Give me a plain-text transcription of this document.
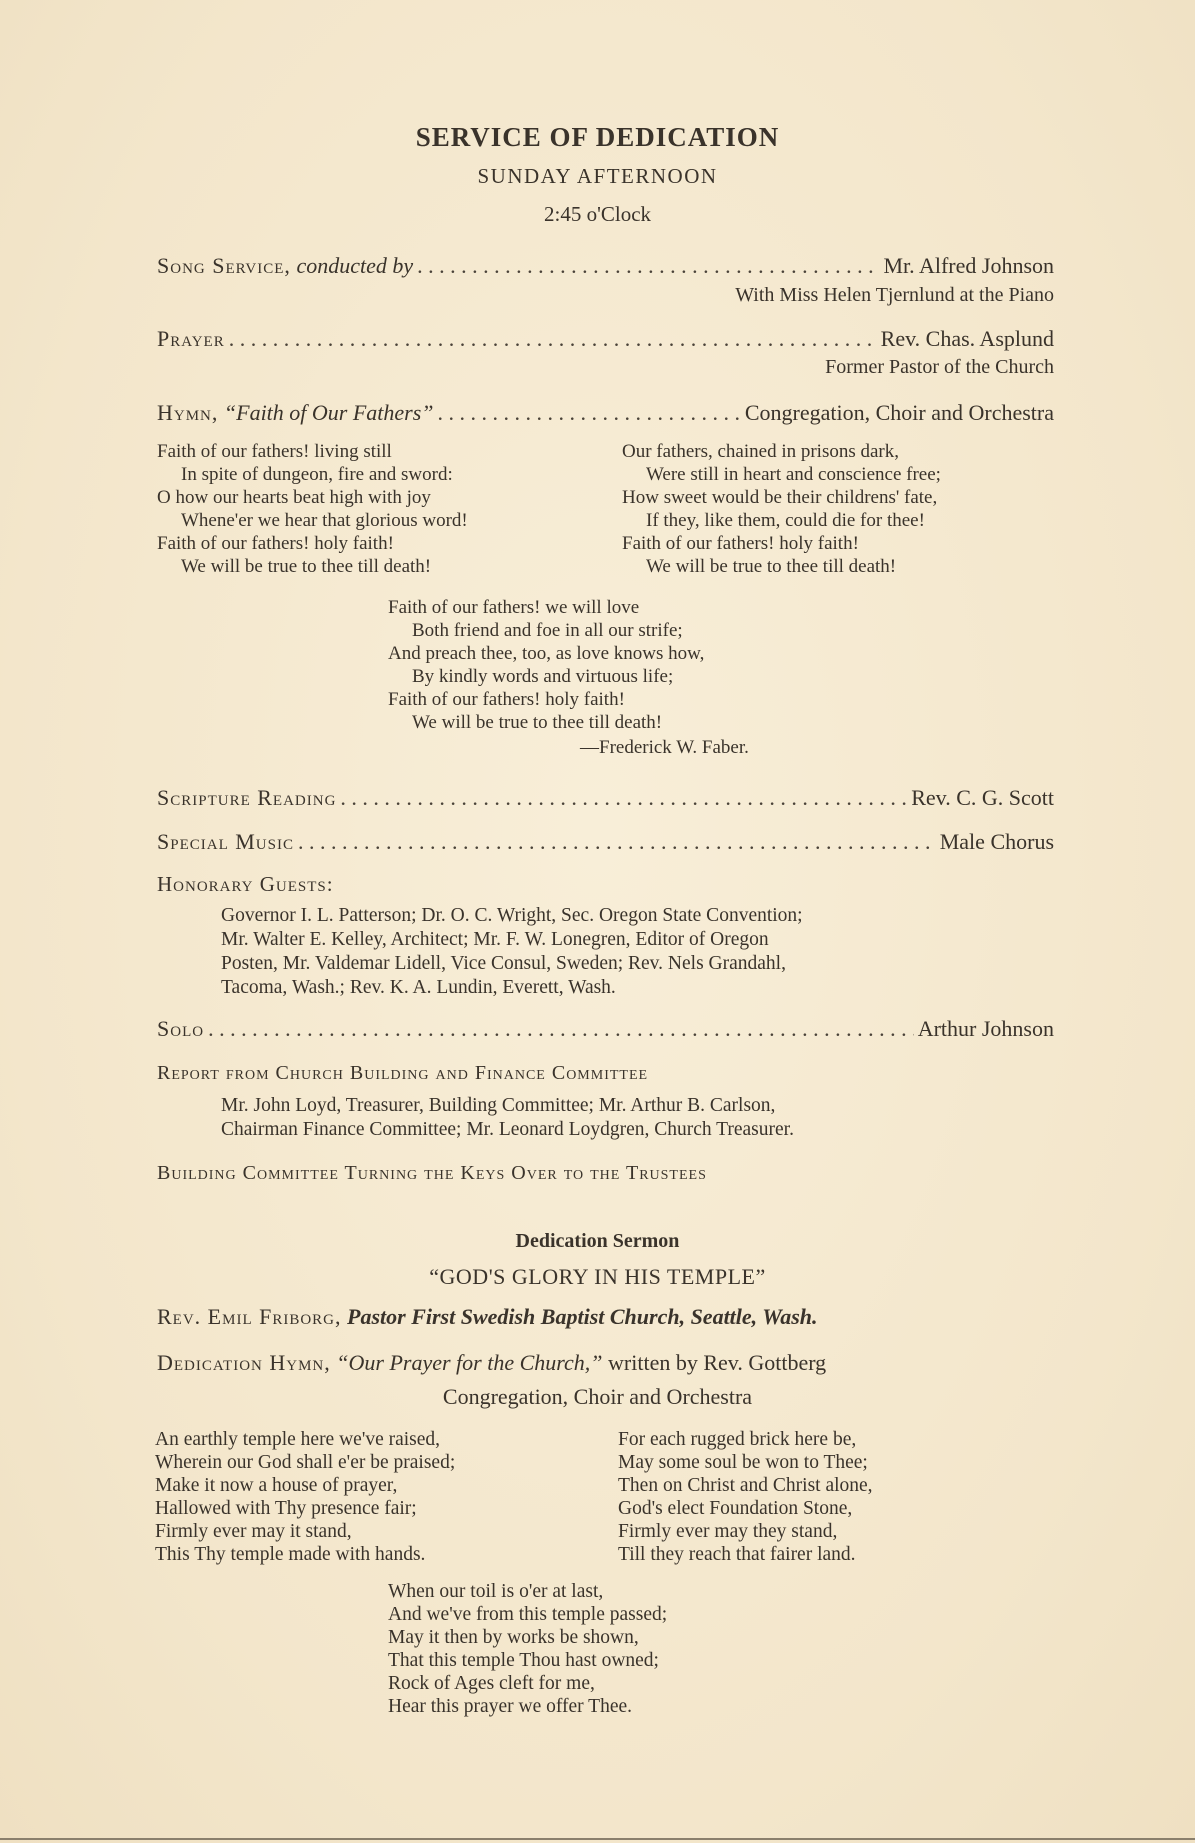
SERVICE OF DEDICATION
SUNDAY AFTERNOON
2:45 o'Clock
Song Service, conducted by . . .	Mr. Alfred Johnson
With Miss Helen Tjernlund at the Piano
Prayer . . .	Rev. Chas. Asplund
Former Pastor of the Church
Hymn, “Faith of Our Fathers” . . .	Congregation, Choir and Orchestra
Faith of our fathers! living still
In spite of dungeon, fire and sword:
O how our hearts beat high with joy
Whene'er we hear that glorious word!
Faith of our fathers! holy faith!
We will be true to thee till death!
Our fathers, chained in prisons dark,
Were still in heart and conscience free;
How sweet would be their childrens' fate,
If they, like them, could die for thee!
Faith of our fathers! holy faith!
We will be true to thee till death!
Faith of our fathers! we will love
Both friend and foe in all our strife;
And preach thee, too, as love knows how,
By kindly words and virtuous life;
Faith of our fathers! holy faith!
We will be true to thee till death!
—Frederick W. Faber.
Scripture Reading . . .	Rev. C. G. Scott
Special Music . . .	Male Chorus
Honorary Guests:
Governor I. L. Patterson; Dr. O. C. Wright, Sec. Oregon State Convention;
Mr. Walter E. Kelley, Architect; Mr. F. W. Lonegren, Editor of Oregon
Posten, Mr. Valdemar Lidell, Vice Consul, Sweden; Rev. Nels Grandahl,
Tacoma, Wash.; Rev. K. A. Lundin, Everett, Wash.
Solo . . .	Arthur Johnson
Report from Church Building and Finance Committee
Mr. John Loyd, Treasurer, Building Committee; Mr. Arthur B. Carlson,
Chairman Finance Committee; Mr. Leonard Loydgren, Church Treasurer.
Building Committee Turning the Keys Over to the Trustees
Dedication Sermon
“GOD'S GLORY IN HIS TEMPLE”
Rev. Emil Friborg, Pastor First Swedish Baptist Church, Seattle, Wash.
Dedication Hymn, “Our Prayer for the Church,” written by Rev. Gottberg
Congregation, Choir and Orchestra
An earthly temple here we've raised,
Wherein our God shall e'er be praised;
Make it now a house of prayer,
Hallowed with Thy presence fair;
Firmly ever may it stand,
This Thy temple made with hands.
For each rugged brick here be,
May some soul be won to Thee;
Then on Christ and Christ alone,
God's elect Foundation Stone,
Firmly ever may they stand,
Till they reach that fairer land.
When our toil is o'er at last,
And we've from this temple passed;
May it then by works be shown,
That this temple Thou hast owned;
Rock of Ages cleft for me,
Hear this prayer we offer Thee.
